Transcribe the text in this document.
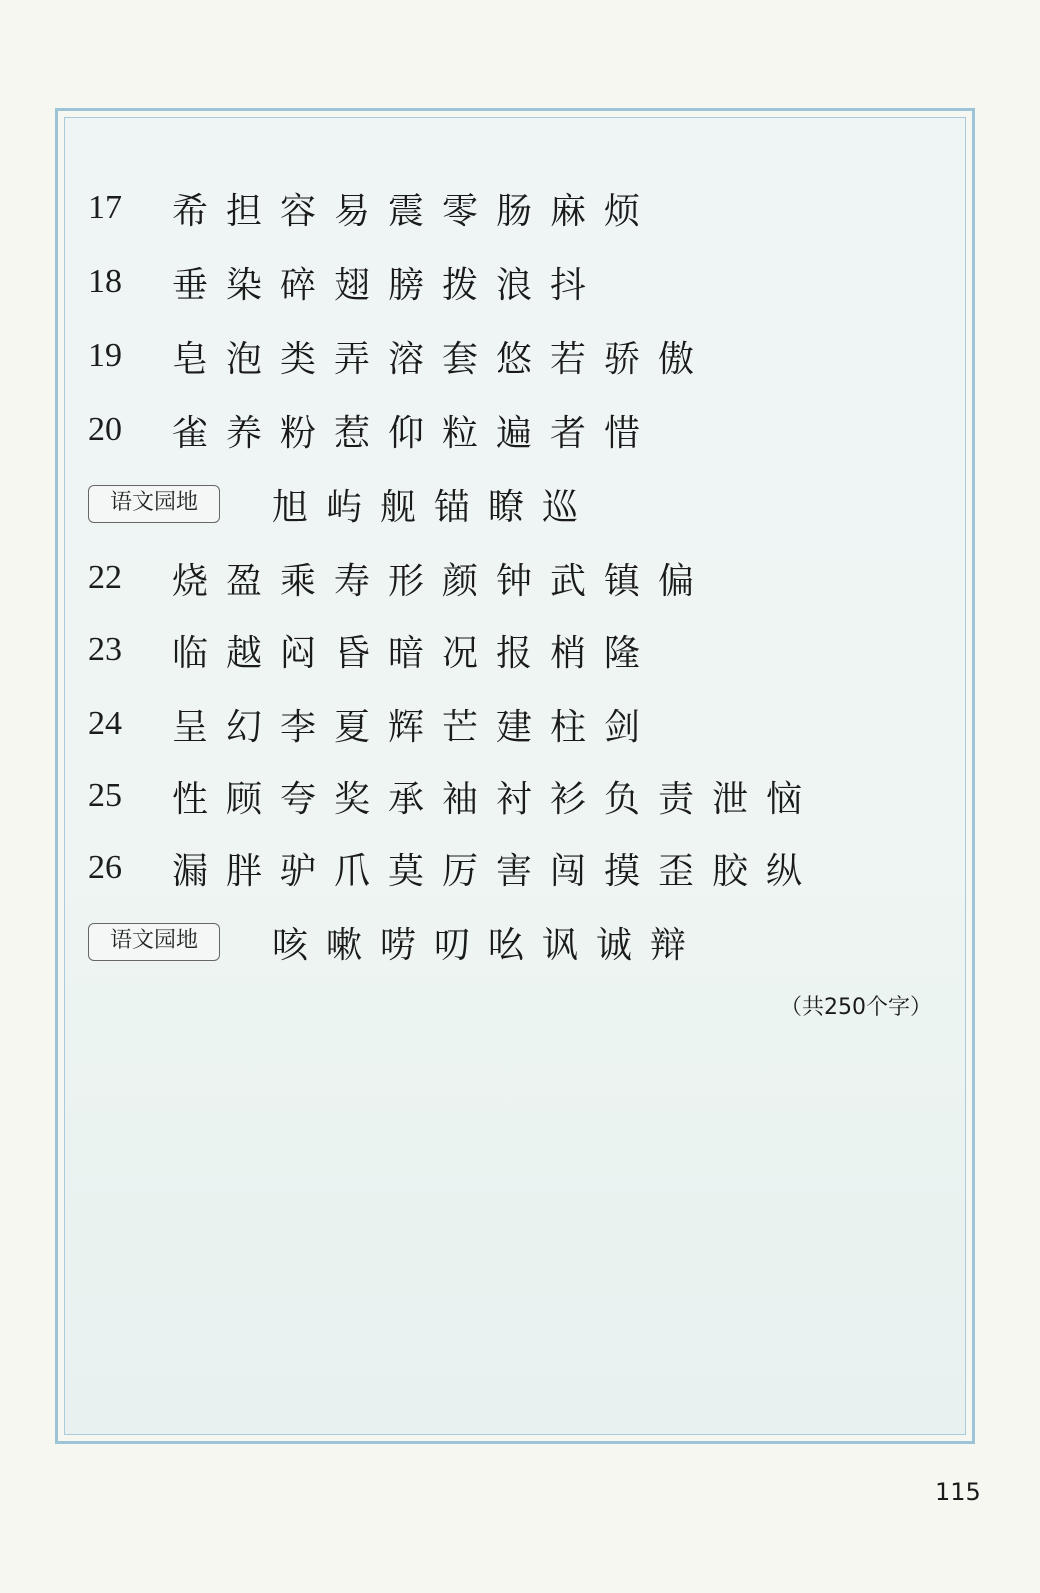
17	希担容易震零肠麻烦
18	垂染碎翅膀拨浪抖
19	皂泡类弄溶套悠若骄傲
20	雀养粉惹仰粒遍者惜
语文园地	旭屿舰锚瞭巡
22	烧盈乘寿形颜钟武镇偏
23	临越闷昏暗况报梢隆
24	呈幻李夏辉芒建柱剑
25	性顾夸奖承袖衬衫负责泄恼
26	漏胖驴爪莫厉害闯摸歪胶纵
语文园地	咳嗽唠叨吆讽诚辩
（共250个字）
115
